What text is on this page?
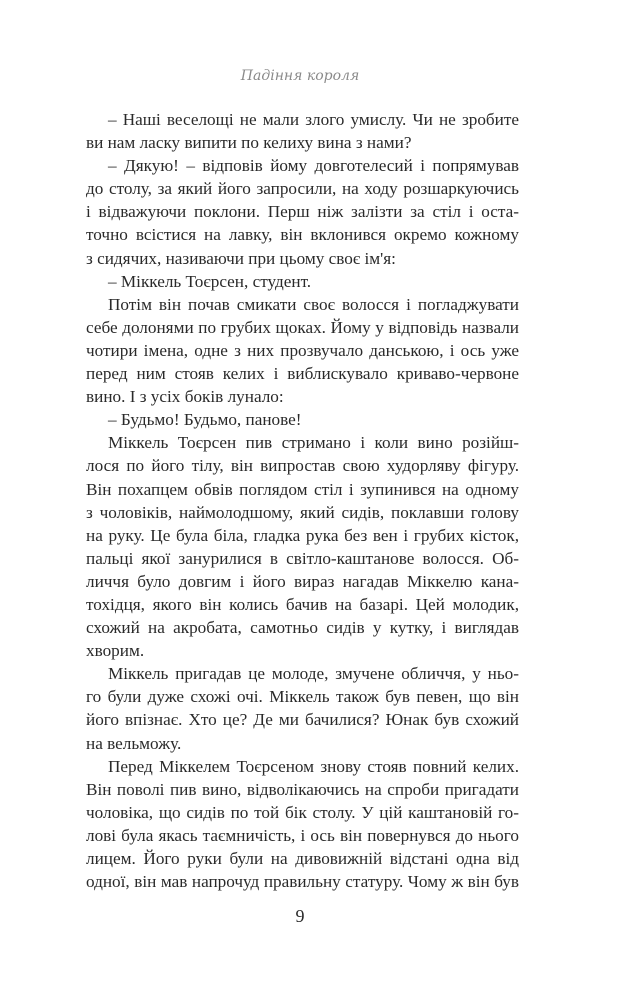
Падіння короля
– Наші веселощі не мали злого умислу. Чи не зробите
ви нам ласку випити по келиху вина з нами?
– Дякую! – відповів йому довготелесий і попрямував
до столу, за який його запросили, на ходу розшаркуючись
і відважуючи поклони. Перш ніж залізти за стіл і оста-
точно всістися на лавку, він вклонився окремо кожному
з сидячих, називаючи при цьому своє ім'я:
– Міккель Тоєрсен, студент.
Потім він почав смикати своє волосся і погладжувати
себе долонями по грубих щоках. Йому у відповідь назвали
чотири імена, одне з них прозвучало данською, і ось уже
перед ним стояв келих і виблискувало криваво-червоне
вино. І з усіх боків лунало:
– Будьмо! Будьмо, панове!
Міккель Тоєрсен пив стримано і коли вино розійш-
лося по його тілу, він випростав свою худорляву фігуру.
Він похапцем обвів поглядом стіл і зупинився на одному
з чоловіків, наймолодшому, який сидів, поклавши голову
на руку. Це була біла, гладка рука без вен і грубих кісток,
пальці якої занурилися в світло-каштанове волосся. Об-
личчя було довгим і його вираз нагадав Міккелю кана-
тохідця, якого він колись бачив на базарі. Цей молодик,
схожий на акробата, самотньо сидів у кутку, і виглядав
хворим.
Міккель пригадав це молоде, змучене обличчя, у ньо-
го були дуже схожі очі. Міккель також був певен, що він
його впізнає. Хто це? Де ми бачилися? Юнак був схожий
на вельможу.
Перед Міккелем Тоєрсеном знову стояв повний келих.
Він поволі пив вино, відволікаючись на спроби пригадати
чоловіка, що сидів по той бік столу. У цій каштановій го-
лові була якась таємничість, і ось він повернувся до нього
лицем. Його руки були на дивовижній відстані одна від
одної, він мав напрочуд правильну статуру. Чому ж він був
9
